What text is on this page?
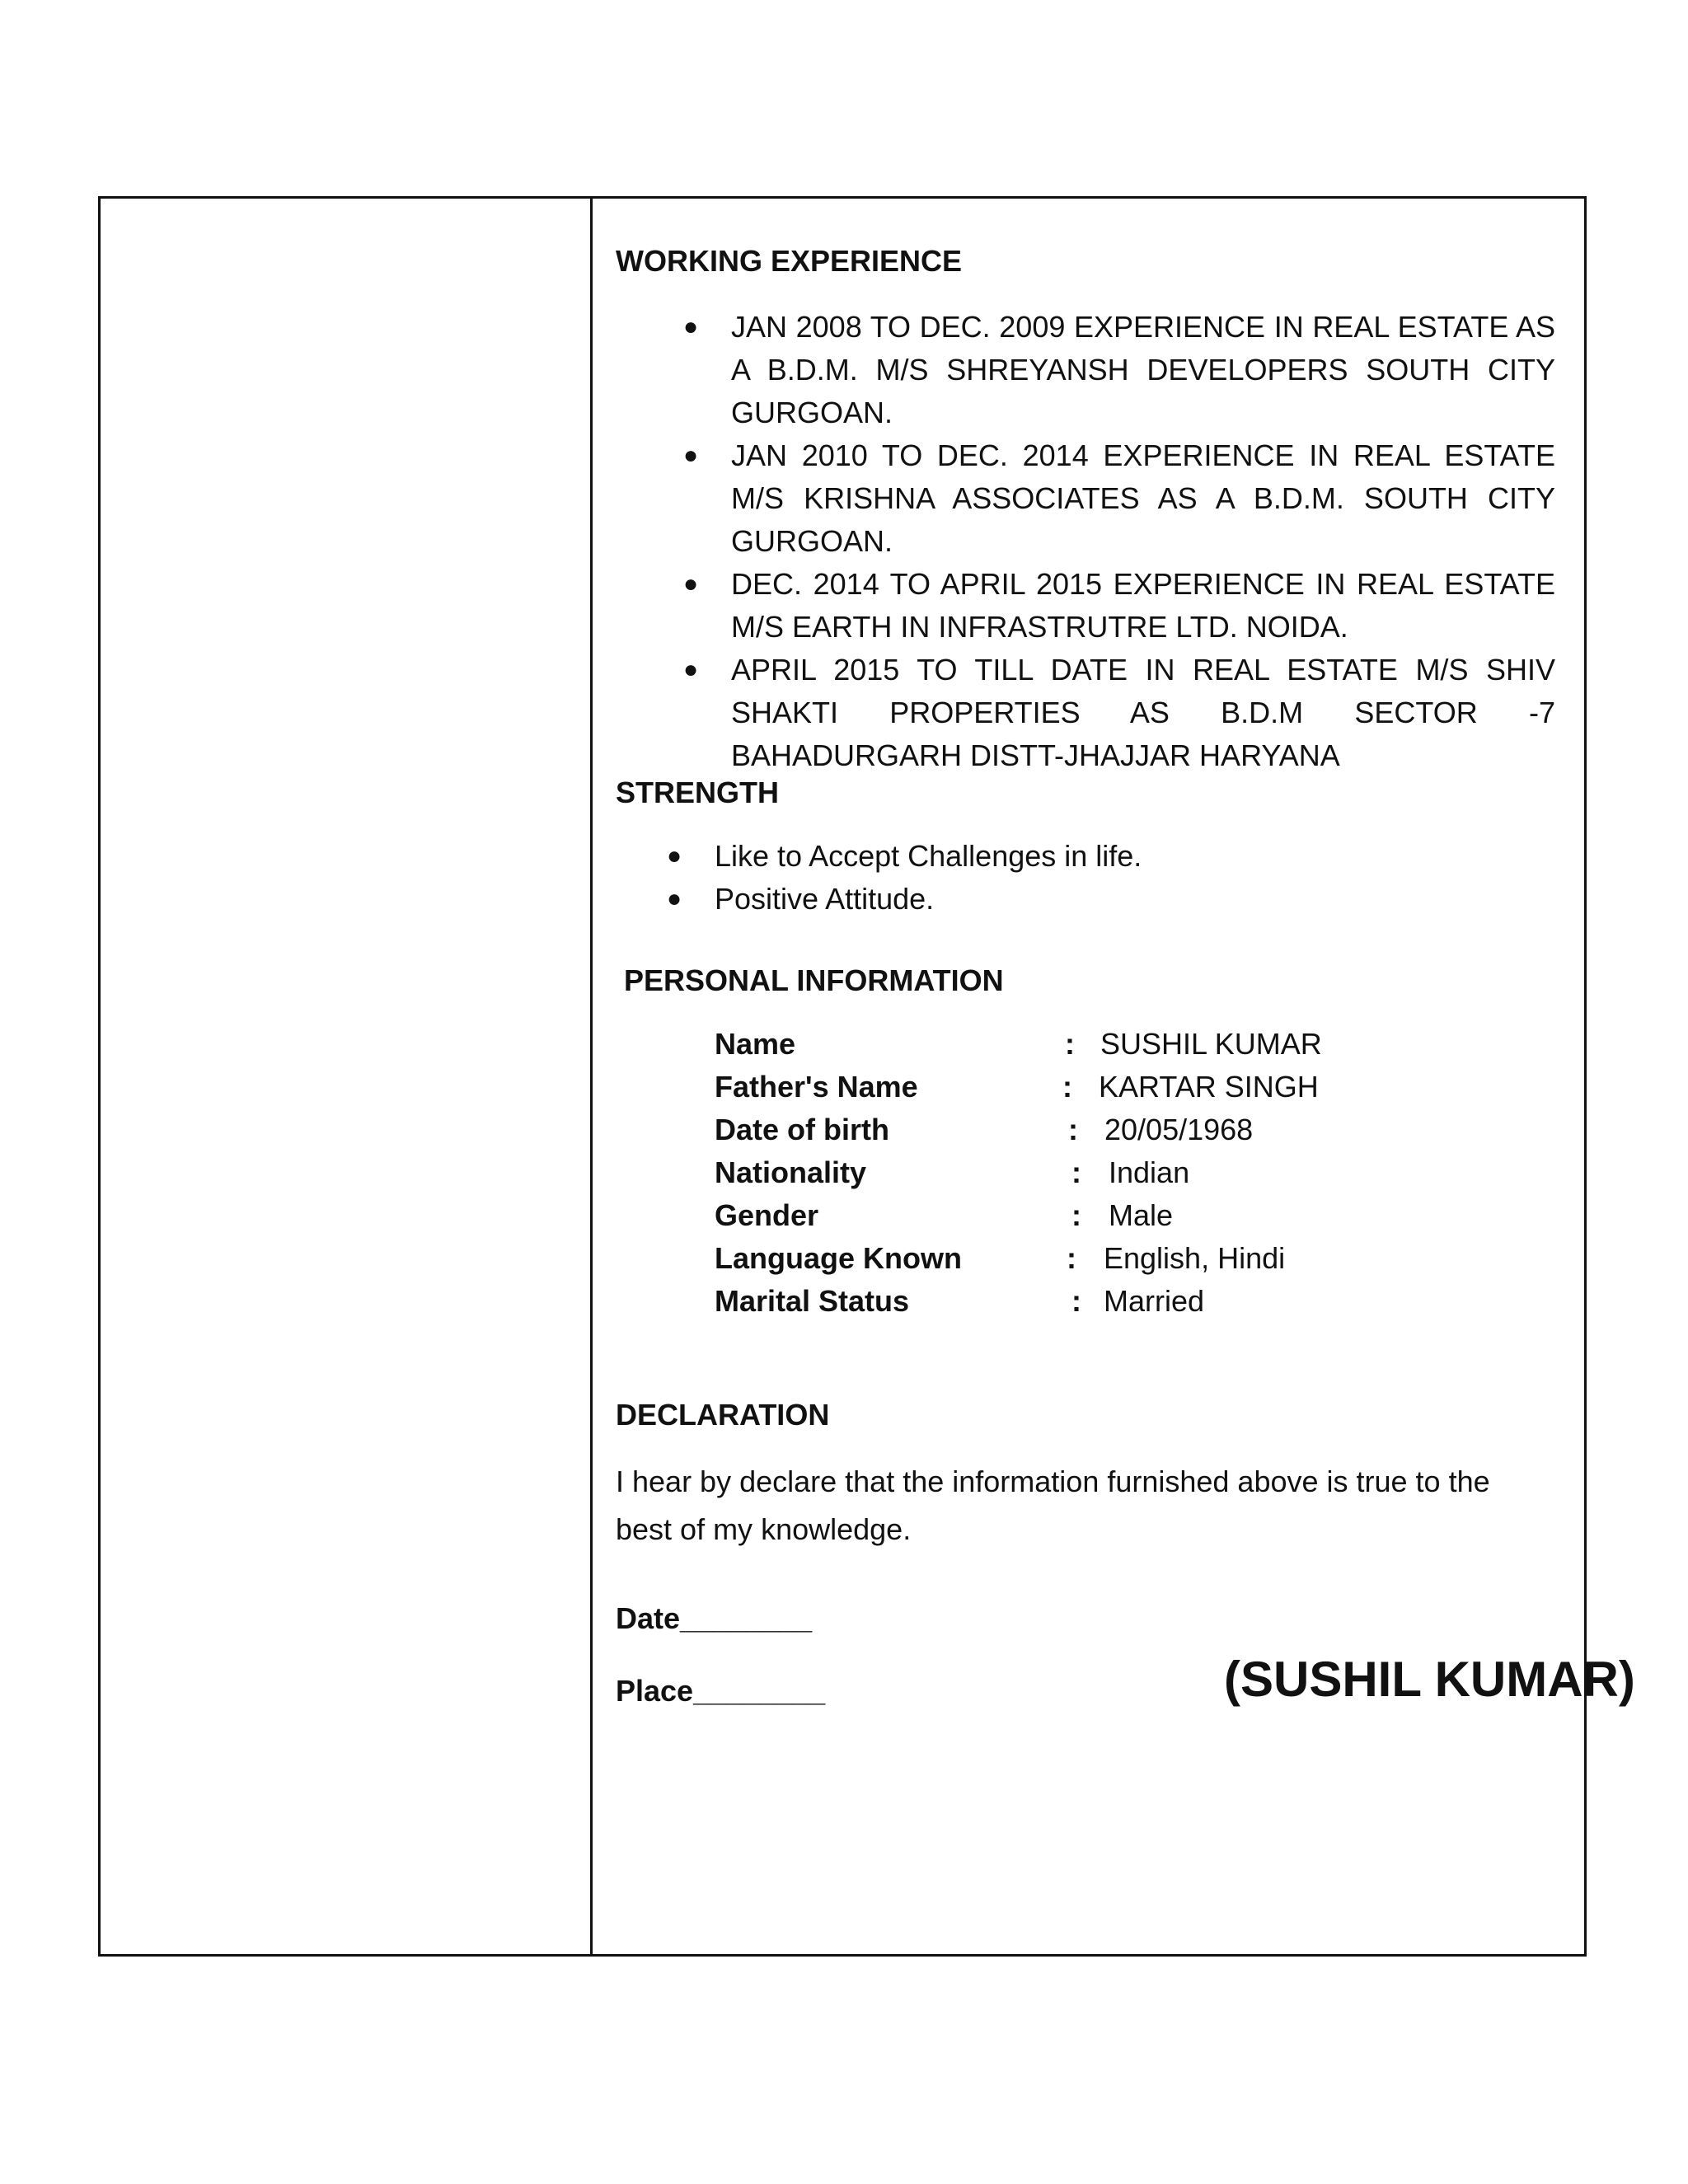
WORKING EXPERIENCE
● JAN 2008 TO DEC. 2009 EXPERIENCE IN REAL ESTATE AS A B.D.M. M/S SHREYANSH DEVELOPERS SOUTH CITY GURGOAN.
● JAN 2010 TO DEC. 2014 EXPERIENCE IN REAL ESTATE M/S KRISHNA ASSOCIATES AS A B.D.M. SOUTH CITY GURGOAN.
● DEC. 2014 TO APRIL 2015 EXPERIENCE IN REAL ESTATE M/S EARTH IN INFRASTRUTRE LTD. NOIDA.
● APRIL 2015 TO TILL DATE IN REAL ESTATE M/S SHIV SHAKTI PROPERTIES AS B.D.M SECTOR -7 BAHADURGARH DISTT-JHAJJAR HARYANA
STRENGTH
● Like to Accept Challenges in life.
● Positive Attitude.
PERSONAL INFORMATION
Name	: SUSHIL KUMAR
Father's Name	: KARTAR SINGH
Date of birth	: 20/05/1968
Nationality	: Indian
Gender	: Male
Language Known	: English, Hindi
Marital Status	: Married
DECLARATION

I hear by declare that the information furnished above is true to the best of my knowledge.

Date________
Place________	(SUSHIL KUMAR)
